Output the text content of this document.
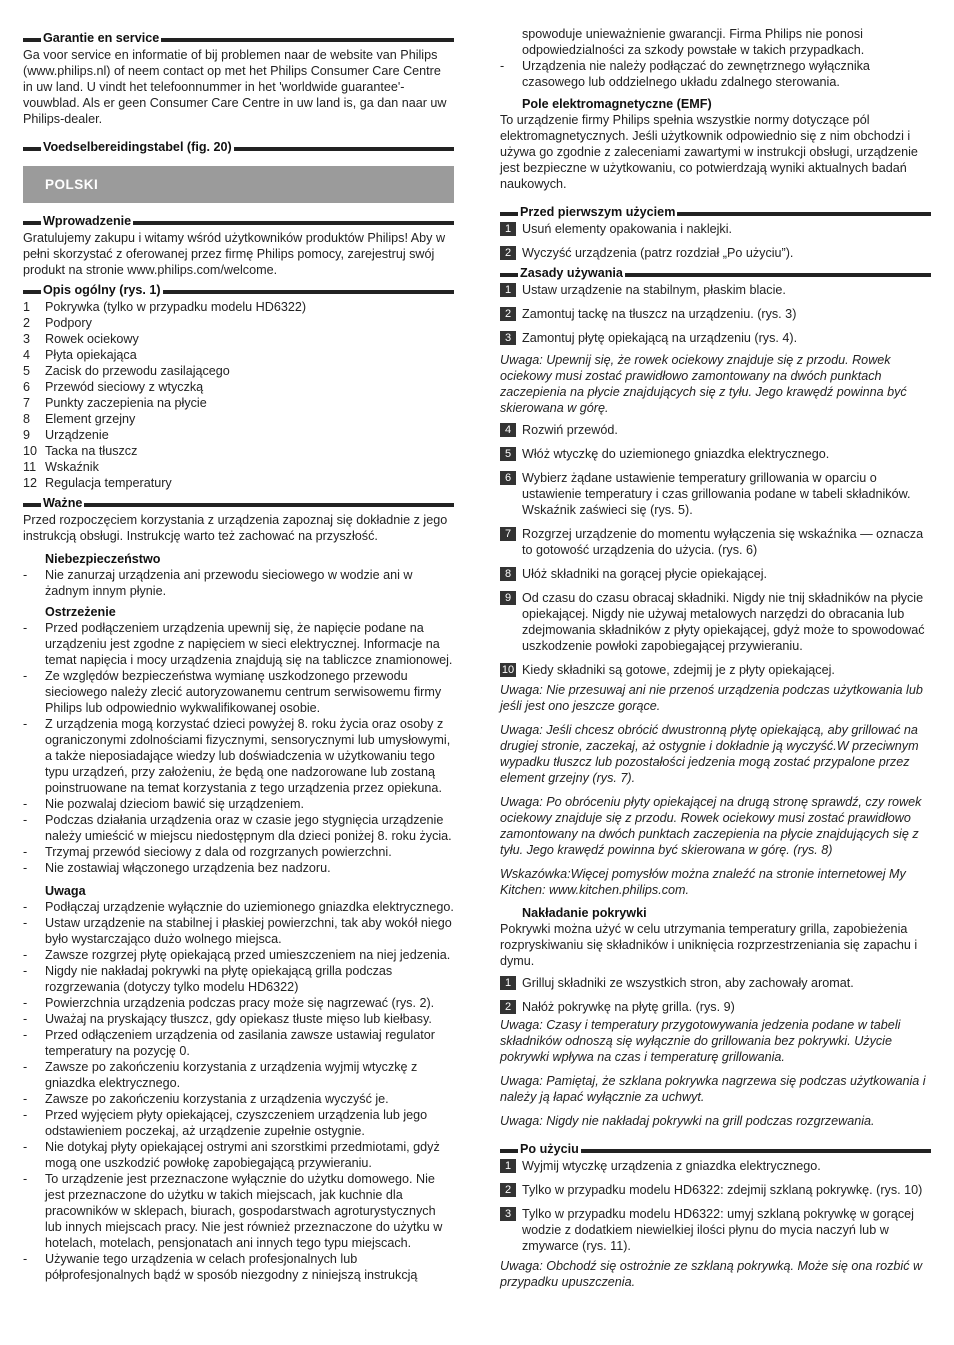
Garantie en service

Ga voor service en informatie of bij problemen naar de website van Philips (www.philips.nl) of neem contact op met het Philips Consumer Care Centre in uw land. U vindt het telefoonnummer in het 'worldwide guarantee'-vouwblad. Als er geen Consumer Care Centre in uw land is, ga dan naar uw Philips-dealer.

Voedselbereidingstabel (fig. 20)
POLSKI
Wprowadzenie

Gratulujemy zakupu i witamy wśród użytkowników produktów Philips! Aby w pełni skorzystać z oferowanej przez firmę Philips pomocy, zarejestruj swój produkt na stronie www.philips.com/welcome.

Opis ogólny (rys. 1)
1	Pokrywka (tylko w przypadku modelu HD6322)
2	Podpory
3	Rowek ociekowy
4	Płyta opiekająca
5	Zacisk do przewodu zasilającego
6	Przewód sieciowy z wtyczką
7	Punkty zaczepienia na płycie
8	Element grzejny
9	Urządzenie
10 Tacka na tłuszcz
11 Wskaźnik
12 Regulacja temperatury
Ważne

Przed rozpoczęciem korzystania z urządzenia zapoznaj się dokładnie z jego instrukcją obsługi. Instrukcję warto też zachować na przyszłość.

Niebezpieczeństwo

-	Nie zanurzaj urządzenia ani przewodu sieciowego w wodzie ani w żadnym innym płynie.

Ostrzeżenie

-	Przed podłączeniem urządzenia upewnij się, że napięcie podane na urządzeniu jest zgodne z napięciem w sieci elektrycznej. Informacje na temat napięcia i mocy urządzenia znajdują się na tabliczce znamionowej.
-	Ze względów bezpieczeństwa wymianę uszkodzonego przewodu sieciowego należy zlecić autoryzowanemu centrum serwisowemu firmy Philips lub odpowiednio wykwalifikowanej osobie.
-	Z urządzenia mogą korzystać dzieci powyżej 8. roku życia oraz osoby z ograniczonymi zdolnościami fizycznymi, sensorycznymi lub umysłowymi, a także nieposiadające wiedzy lub doświadczenia w użytkowaniu tego typu urządzeń, przy założeniu, że będą one nadzorowane lub zostaną poinstruowane na temat korzystania z tego urządzenia przez opiekuna.
-	Nie pozwalaj dzieciom bawić się urządzeniem.
-	Podczas działania urządzenia oraz w czasie jego stygnięcia urządzenie należy umieścić w miejscu niedostępnym dla dzieci poniżej 8. roku życia.
-	Trzymaj przewód sieciowy z dala od rozgrzanych powierzchni.
-	Nie zostawiaj włączonego urządzenia bez nadzoru.

Uwaga

-	Podłączaj urządzenie wyłącznie do uziemionego gniazdka elektrycznego.
-	Ustaw urządzenie na stabilnej i płaskiej powierzchni, tak aby wokół niego było wystarczająco dużo wolnego miejsca.
-	Zawsze rozgrzej płytę opiekającą przed umieszczeniem na niej jedzenia.
-	Nigdy nie nakładaj pokrywki na płytę opiekającą grilla podczas rozgrzewania (dotyczy tylko modelu HD6322)
-	Powierzchnia urządzenia podczas pracy może się nagrzewać (rys. 2).
-	Uważaj na pryskający tłuszcz, gdy opiekasz tłuste mięso lub kiełbasy.
-	Przed odłączeniem urządzenia od zasilania zawsze ustawiaj regulator temperatury na pozycję 0.
-	Zawsze po zakończeniu korzystania z urządzenia wyjmij wtyczkę z gniazdka elektrycznego.
-	Zawsze po zakończeniu korzystania z urządzenia wyczyść je.
-	Przed wyjęciem płyty opiekającej, czyszczeniem urządzenia lub jego odstawieniem poczekaj, aż urządzenie zupełnie ostygnie.
-	Nie dotykaj płyty opiekającej ostrymi ani szorstkimi przedmiotami, gdyż mogą one uszkodzić powłokę zapobiegającą przywieraniu.
-	To urządzenie jest przeznaczone wyłącznie do użytku domowego. Nie jest przeznaczone do użytku w takich miejscach, jak kuchnie dla pracowników w sklepach, biurach, gospodarstwach agroturystycznych lub innych miejscach pracy. Nie jest również przeznaczone do użytku w hotelach, motelach, pensjonatach ani innych tego typu miejscach.
-	Używanie tego urządzenia w celach profesjonalnych lub półprofesjonalnych bądź w sposób niezgodny z niniejszą instrukcją

spowoduje unieważnienie gwarancji. Firma Philips nie ponosi odpowiedzialności za szkody powstałe w takich przypadkach.

-	Urządzenia nie należy podłączać do zewnętrznego wyłącznika czasowego lub oddzielnego układu zdalnego sterowania.

Pole elektromagnetyczne (EMF)

To urządzenie firmy Philips spełnia wszystkie normy dotyczące pól elektromagnetycznych. Jeśli użytkownik odpowiednio się z nim obchodzi i używa go zgodnie z zaleceniami zawartymi w instrukcji obsługi, urządzenie jest bezpieczne w użytkowaniu, co potwierdzają wyniki aktualnych badań naukowych.

Przed pierwszym użyciem
1 Usuń elementy opakowania i naklejki.
2 Wyczyść urządzenia (patrz rozdział „Po użyciu”).
Zasady używania
1 Ustaw urządzenie na stabilnym, płaskim blacie.
2 Zamontuj tackę na tłuszcz na urządzeniu. (rys. 3)
3 Zamontuj płytę opiekającą na urządzeniu (rys. 4).

Uwaga: Upewnij się, że rowek ociekowy znajduje się z przodu. Rowek ociekowy musi zostać prawidłowo zamontowany na dwóch punktach zaczepienia na płycie znajdujących się z tyłu. Jego krawędź powinna być skierowana w górę.

4 Rozwiń przewód.
5 Włóż wtyczkę do uziemionego gniazdka elektrycznego.
6 Wybierz żądane ustawienie temperatury grillowania w oparciu o ustawienie temperatury i czas grillowania podane w tabeli składników. Wskaźnik zaświeci się (rys. 5).
7 Rozgrzej urządzenie do momentu wyłączenia się wskaźnika — oznacza to gotowość urządzenia do użycia. (rys. 6)
8 Ułóż składniki na gorącej płycie opiekającej.
9 Od czasu do czasu obracaj składniki. Nigdy nie tnij składników na płycie opiekającej. Nigdy nie używaj metalowych narzędzi do obracania lub zdejmowania składników z płyty opiekającej, gdyż może to spowodować uszkodzenie powłoki zapobiegającej przywieraniu.
10 Kiedy składniki są gotowe, zdejmij je z płyty opiekającej.

Uwaga: Nie przesuwaj ani nie przenoś urządzenia podczas użytkowania lub jeśli jest ono jeszcze gorące.

Uwaga: Jeśli chcesz obrócić dwustronną płytę opiekającą, aby grillować na drugiej stronie, zaczekaj, aż ostygnie i dokładnie ją wyczyść.W przeciwnym wypadku tłuszcz lub pozostałości jedzenia mogą zostać przypalone przez element grzejny (rys. 7).

Uwaga: Po obróceniu płyty opiekającej na drugą stronę sprawdź, czy rowek ociekowy znajduje się z przodu. Rowek ociekowy musi zostać prawidłowo zamontowany na dwóch punktach zaczepienia na płycie znajdujących się z tyłu. Jego krawędź powinna być skierowana w górę. (rys. 8)

Wskazówka:Więcej pomysłów można znaleźć na stronie internetowej My Kitchen: www.kitchen.philips.com.

Nakładanie pokrywki

Pokrywki można użyć w celu utrzymania temperatury grilla, zapobieżenia rozpryskiwaniu się składników i uniknięcia rozprzestrzeniania się zapachu i dymu.

1 Grilluj składniki ze wszystkich stron, aby zachowały aromat.
2 Nałóż pokrywkę na płytę grilla. (rys. 9)

Uwaga: Czasy i temperatury przygotowywania jedzenia podane w tabeli składników odnoszą się wyłącznie do grillowania bez pokrywki. Użycie pokrywki wpływa na czas i temperaturę grillowania.

Uwaga: Pamiętaj, że szklana pokrywka nagrzewa się podczas użytkowania i należy ją łapać wyłącznie za uchwyt.

Uwaga: Nigdy nie nakładaj pokrywki na grill podczas rozgrzewania.

Po użyciu
1 Wyjmij wtyczkę urządzenia z gniazdka elektrycznego.
2 Tylko w przypadku modelu HD6322: zdejmij szklaną pokrywkę. (rys. 10)
3 Tylko w przypadku modelu HD6322: umyj szklaną pokrywkę w gorącej wodzie z dodatkiem niewielkiej ilości płynu do mycia naczyń lub w zmywarce (rys. 11).

Uwaga: Obchodź się ostrożnie ze szklaną pokrywką. Może się ona rozbić w przypadku upuszczenia.
